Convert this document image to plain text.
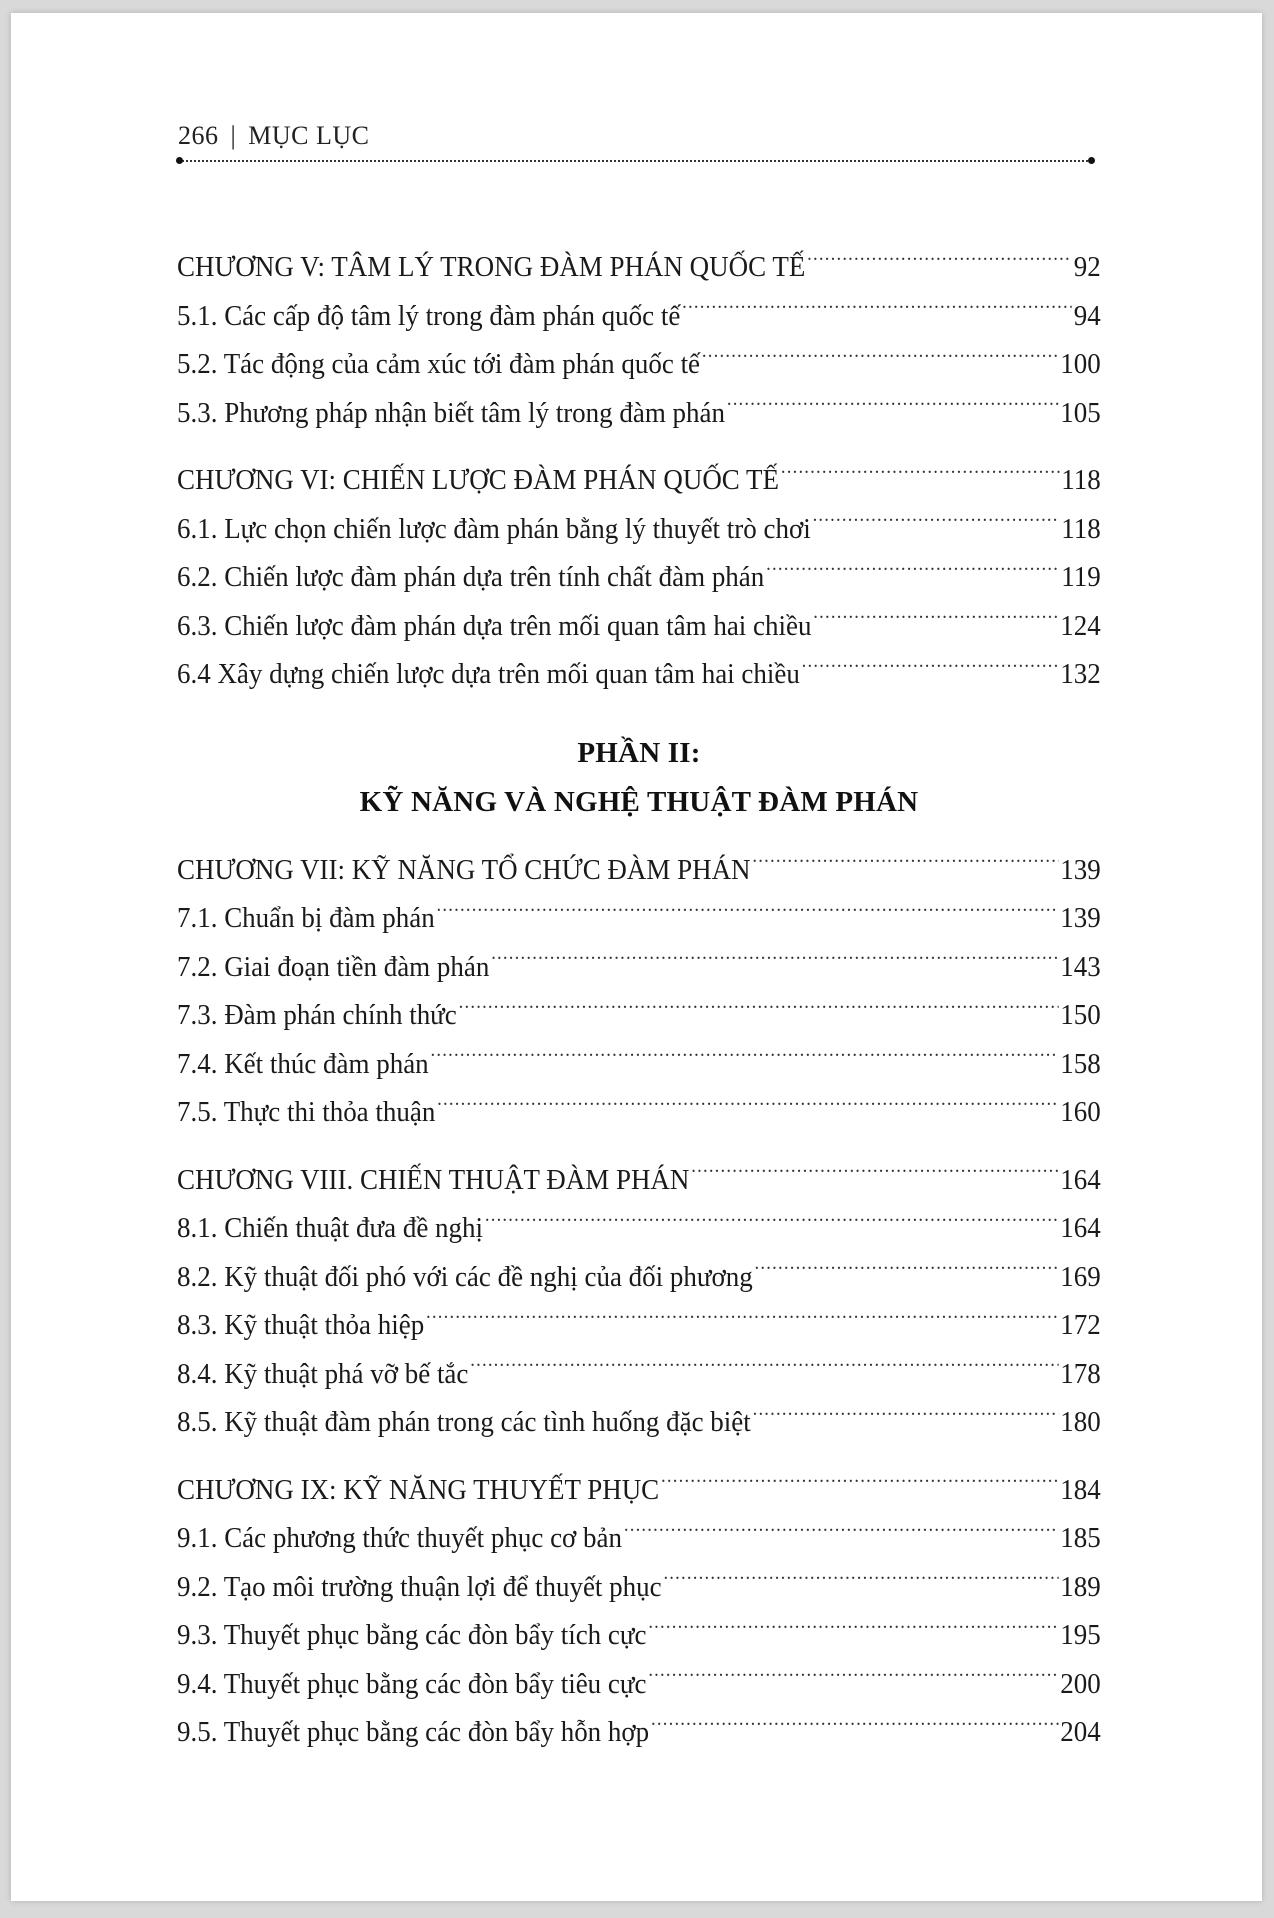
266 | MỤC LỤC
CHƯƠNG V: TÂM LÝ TRONG ĐÀM PHÁN QUỐC TẾ .....	92
5.1. Các cấp độ tâm lý trong đàm phán quốc tế .....	94
5.2. Tác động của cảm xúc tới đàm phán quốc tế .....	100
5.3. Phương pháp nhận biết tâm lý trong đàm phán .....	105
CHƯƠNG VI: CHIẾN LƯỢC ĐÀM PHÁN QUỐC TẾ .....	118
6.1. Lực chọn chiến lược đàm phán bằng lý thuyết trò chơi .....	118
6.2. Chiến lược đàm phán dựa trên tính chất đàm phán .....	119
6.3. Chiến lược đàm phán dựa trên mối quan tâm hai chiều .....	124
6.4 Xây dựng chiến lược dựa trên mối quan tâm hai chiều .....	132
PHẦN II:
KỸ NĂNG VÀ NGHỆ THUẬT ĐÀM PHÁN
CHƯƠNG VII: KỸ NĂNG TỔ CHỨC ĐÀM PHÁN .....	139
7.1. Chuẩn bị đàm phán .....	139
7.2. Giai đoạn tiền đàm phán .....	143
7.3. Đàm phán chính thức .....	150
7.4. Kết thúc đàm phán .....	158
7.5. Thực thi thỏa thuận .....	160
CHƯƠNG VIII. CHIẾN THUẬT ĐÀM PHÁN .....	164
8.1. Chiến thuật đưa đề nghị .....	164
8.2. Kỹ thuật đối phó với các đề nghị của đối phương .....	169
8.3. Kỹ thuật thỏa hiệp .....	172
8.4. Kỹ thuật phá vỡ bế tắc .....	178
8.5. Kỹ thuật đàm phán trong các tình huống đặc biệt .....	180
CHƯƠNG IX: KỸ NĂNG THUYẾT PHỤC .....	184
9.1. Các phương thức thuyết phục cơ bản .....	185
9.2. Tạo môi trường thuận lợi để thuyết phục .....	189
9.3. Thuyết phục bằng các đòn bẩy tích cực .....	195
9.4. Thuyết phục bằng các đòn bẩy tiêu cực .....	200
9.5. Thuyết phục bằng các đòn bẩy hỗn hợp .....	204
